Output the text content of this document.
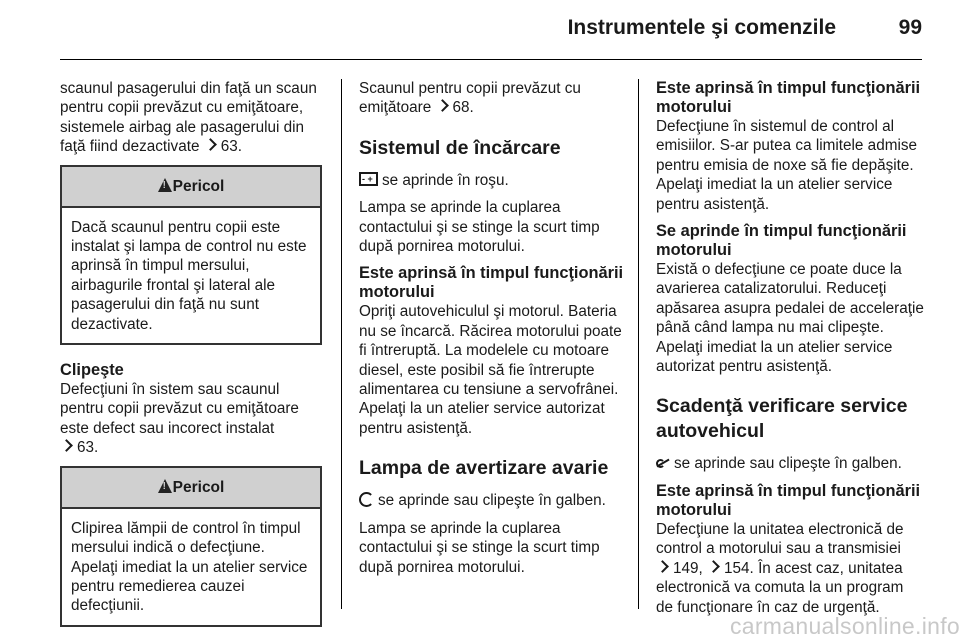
Instrumentele şi comenzile	99

scaunul pasagerului din faţă un scaun pentru copii prevăzut cu emiţătoare, sistemele airbag ale pasagerului din faţă fiind dezactivate 63.

!Pericol
Dacă scaunul pentru copii este instalat şi lampa de control nu este aprinsă în timpul mersului, airbagurile frontal şi lateral ale pasagerului din faţă nu sunt dezactivate.
Clipeşte

Defecţiuni în sistem sau scaunul pentru copii prevăzut cu emiţătoare este defect sau incorect instalat
63.

!Pericol
Clipirea lămpii de control în timpul mersului indică o defecţiune. Apelaţi imediat la un atelier service pentru remedierea cauzei defecţiunii.

Scaunul pentru copii prevăzut cu emiţătoare 68.

Sistemul de încărcare

- +se aprinde în roşu.

Lampa se aprinde la cuplarea contactului şi se stinge la scurt timp după pornirea motorului.

Este aprinsă în timpul funcţionării motorului

Opriţi autovehiculul şi motorul. Bateria nu se încarcă. Răcirea motorului poate fi întreruptă. La modelele cu motoare diesel, este posibil să fie întrerupte alimentarea cu tensiune a servofrânei. Apelaţi la un atelier service autorizat pentru asistenţă.

Lampa de avertizare avarie

se aprinde sau clipeşte în galben.

Lampa se aprinde la cuplarea contactului şi se stinge la scurt timp după pornirea motorului.

Este aprinsă în timpul funcţionării motorului

Defecţiune în sistemul de control al emisiilor. S-ar putea ca limitele admise pentru emisia de noxe să fie depăşite. Apelaţi imediat la un atelier service pentru asistenţă.

Se aprinde în timpul funcţionării motorului

Există o defecţiune ce poate duce la avarierea catalizatorului. Reduceţi apăsarea asupra pedalei de acceleraţie până când lampa nu mai clipeşte. Apelaţi imediat la un atelier service autorizat pentru asistenţă.

Scadenţă verificare service autovehicul

se aprinde sau clipeşte în galben.

Este aprinsă în timpul funcţionării motorului

Defecţiune la unitatea electronică de control a motorului sau a transmisiei
149, 154. În acest caz, unitatea electronică va comuta la un program de funcţionare în caz de urgenţă.

carmanualsonline.info
